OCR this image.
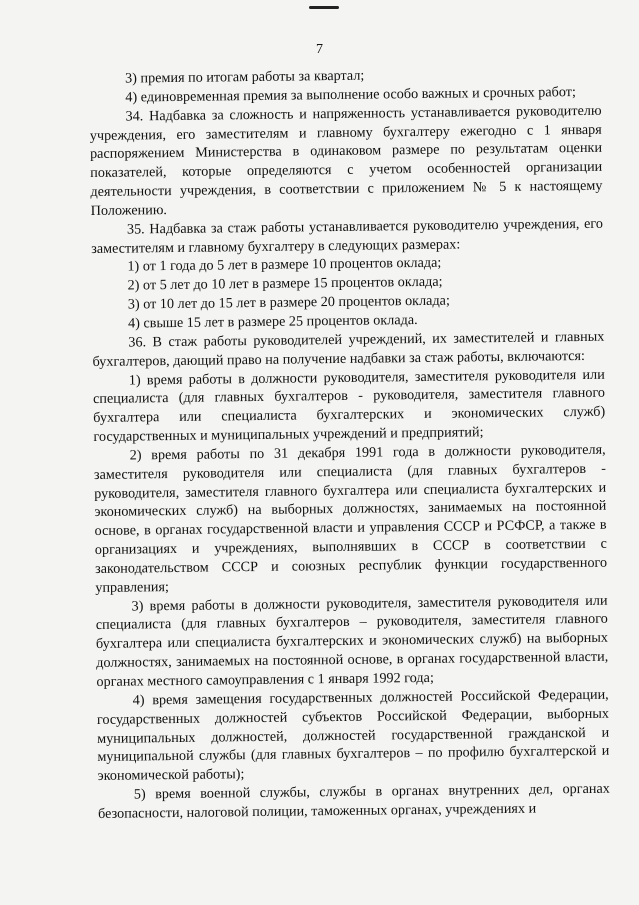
7

3) премия по итогам работы за квартал;

4) единовременная премия за выполнение особо важных и срочных работ;

34. Надбавка за сложность и напряженность устанавливается руководителю учреждения, его заместителям и главному бухгалтеру ежегодно с 1 января распоряжением Министерства в одинаковом размере по результатам оценки показателей, которые определяются с учетом особенностей организации деятельности учреждения, в соответствии с приложением № 5 к настоящему Положению.

35. Надбавка за стаж работы устанавливается руководителю учреждения, его заместителям и главному бухгалтеру в следующих размерах:

1) от 1 года до 5 лет в размере 10 процентов оклада;

2) от 5 лет до 10 лет в размере 15 процентов оклада;

3) от 10 лет до 15 лет в размере 20 процентов оклада;

4) свыше 15 лет в размере 25 процентов оклада.

36. В стаж работы руководителей учреждений, их заместителей и главных бухгалтеров, дающий право на получение надбавки за стаж работы, включаются:

1) время работы в должности руководителя, заместителя руководителя или специалиста (для главных бухгалтеров - руководителя, заместителя главного бухгалтера или специалиста бухгалтерских и экономических служб) государственных и муниципальных учреждений и предприятий;

2) время работы по 31 декабря 1991 года в должности руководителя, заместителя руководителя или специалиста (для главных бухгалтеров - руководителя, заместителя главного бухгалтера или специалиста бухгалтерских и экономических служб) на выборных должностях, занимаемых на постоянной основе, в органах государственной власти и управления СССР и РСФСР, а также в организациях и учреждениях, выполнявших в СССР в соответствии с законодательством СССР и союзных республик функции государственного управления;

3) время работы в должности руководителя, заместителя руководителя или специалиста (для главных бухгалтеров – руководителя, заместителя главного бухгалтера или специалиста бухгалтерских и экономических служб) на выборных должностях, занимаемых на постоянной основе, в органах государственной власти, органах местного самоуправления с 1 января 1992 года;

4) время замещения государственных должностей Российской Федерации, государственных должностей субъектов Российской Федерации, выборных муниципальных должностей, должностей государственной гражданской и муниципальной службы (для главных бухгалтеров – по профилю бухгалтерской и экономической работы);

5) время военной службы, службы в органах внутренних дел, органах безопасности, налоговой полиции, таможенных органах, учреждениях и
